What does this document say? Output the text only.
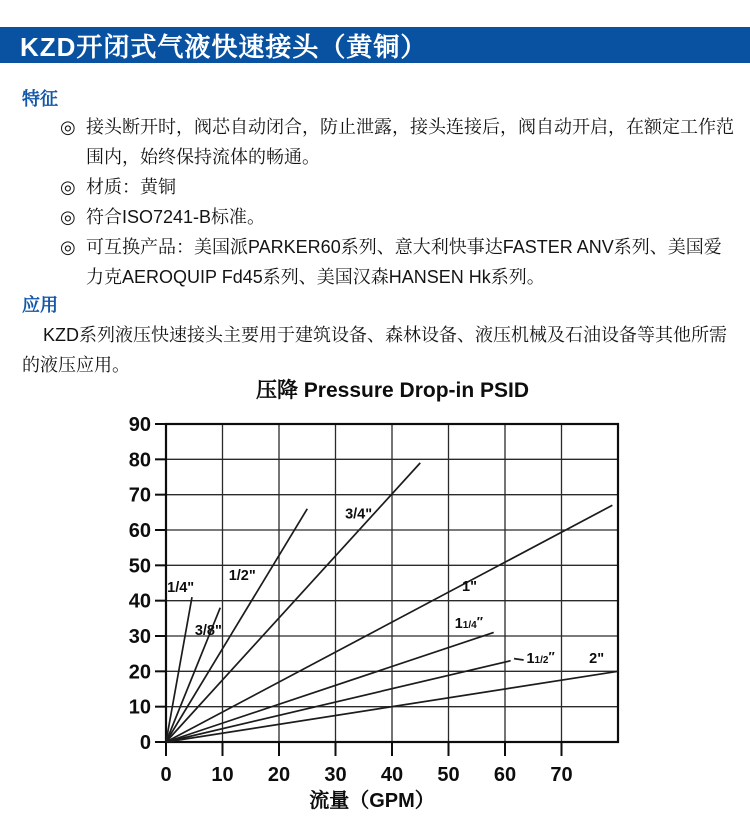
KZD开闭式气液快速接头（黄铜）
特征
◎ 接头断开时，阀芯自动闭合，防止泄露，接头连接后，阀自动开启，在额定工作范围内，始终保持流体的畅通。
◎ 材质：黄铜
◎ 符合ISO7241-B标准。
◎ 可互换产品：美国派PARKER60系列、意大利快事达FASTER ANV系列、美国爱力克AEROQUIP Fd45系列、美国汉森HANSEN Hk系列。
应用

KZD系列液压快速接头主要用于建筑设备、森林设备、液压机械及石油设备等其他所需的液压应用。

压降 Pressure Drop-in PSID
0 10 20 30 40 50 60 70
0
10
20
30
40
50
60
70
80
90
流量（GPM）
1/4"
3/8"
1/2"
3/4"
1"
11/4″
11/2″ 2"
